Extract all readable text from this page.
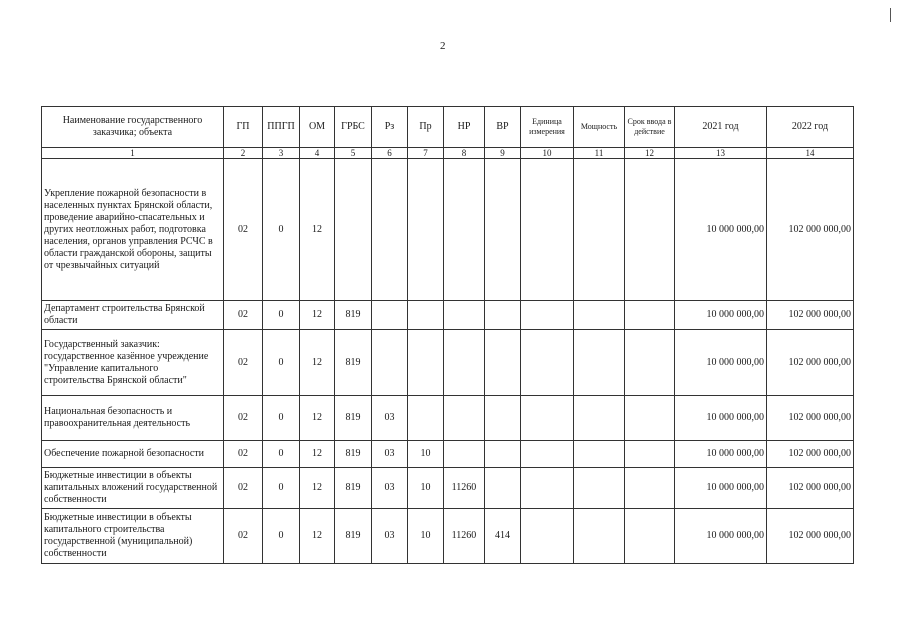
2
Наименование государственного заказчика; объекта	ГП	ППГП	ОМ	ГРБС	Рз	Пр	НР	ВР	Единица измерения	Мощность	Срок ввода в действие	2021 год	2022 год
1	2	3	4	5	6	7	8	9	10	11	12	13	14
Укрепление пожарной безопасности в населенных пунктах Брянской области, проведение аварийно-спасательных и других неотложных работ, подготовка населения, органов управления РСЧС в области гражданской обороны, защиты от чрезвычайных ситуаций	02	0	12									10 000 000,00	102 000 000,00
Департамент строительства Брянской области	02	0	12	819								10 000 000,00	102 000 000,00
Государственный заказчик: государственное казённое учреждение "Управление капитального строительства Брянской области"	02	0	12	819								10 000 000,00	102 000 000,00
Национальная безопасность и правоохранительная деятельность	02	0	12	819	03							10 000 000,00	102 000 000,00
Обеспечение пожарной безопасности	02	0	12	819	03	10						10 000 000,00	102 000 000,00
Бюджетные инвестиции в объекты капитальных вложений государственной собственности	02	0	12	819	03	10	11260					10 000 000,00	102 000 000,00
Бюджетные инвестиции в объекты капитального строительства государственной (муниципальной) собственности	02	0	12	819	03	10	11260	414				10 000 000,00	102 000 000,00
